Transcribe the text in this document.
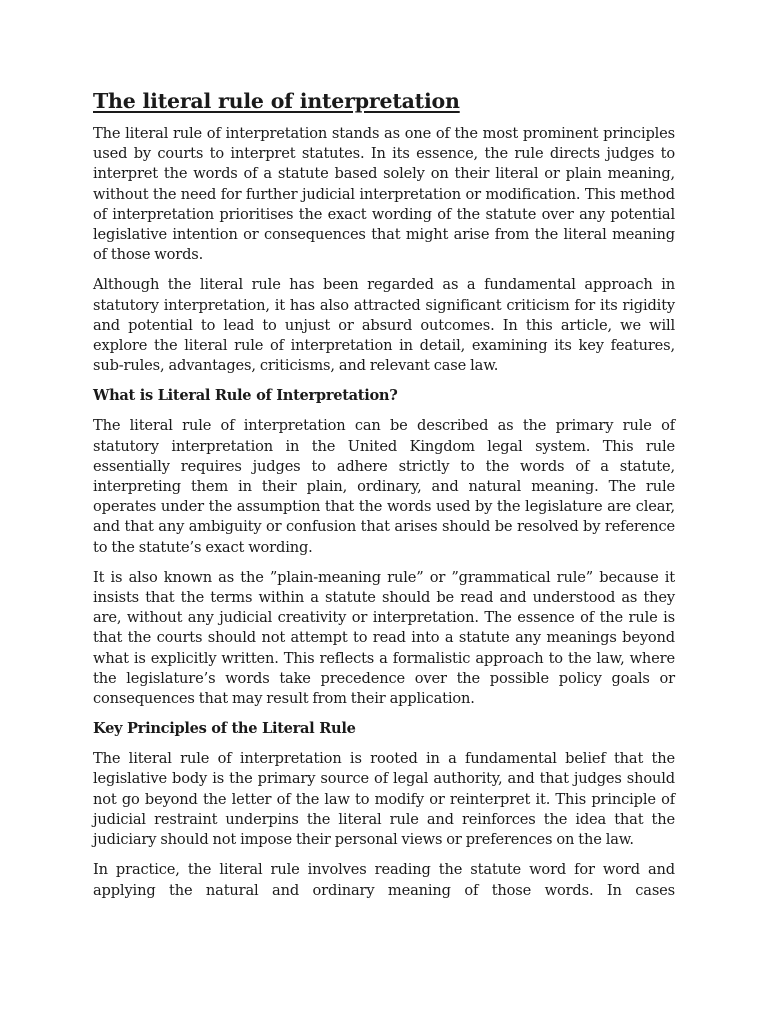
The literal rule of interpretation

The literal rule of interpretation stands as one of the most prominent principles used by courts to interpret statutes. In its essence, the rule directs judges to interpret the words of a statute based solely on their literal or plain meaning, without the need for further judicial interpretation or modification. This method of interpretation prioritises the exact wording of the statute over any potential legislative intention or consequences that might arise from the literal meaning of those words.

Although the literal rule has been regarded as a fundamental approach in statutory interpretation, it has also attracted significant criticism for its rigidity and potential to lead to unjust or absurd outcomes. In this article, we will explore the literal rule of interpretation in detail, examining its key features, sub-rules, advantages, criticisms, and relevant case law.

What is Literal Rule of Interpretation?

The literal rule of interpretation can be described as the primary rule of statutory interpretation in the United Kingdom legal system. This rule essentially requires judges to adhere strictly to the words of a statute, interpreting them in their plain, ordinary, and natural meaning. The rule operates under the assumption that the words used by the legislature are clear, and that any ambiguity or confusion that arises should be resolved by reference to the statute’s exact wording.

It is also known as the ”plain-meaning rule” or ”grammatical rule” because it insists that the terms within a statute should be read and understood as they are, without any judicial creativity or interpretation. The essence of the rule is that the courts should not attempt to read into a statute any meanings beyond what is explicitly written. This reflects a formalistic approach to the law, where the legislature’s words take precedence over the possible policy goals or consequences that may result from their application.

Key Principles of the Literal Rule

The literal rule of interpretation is rooted in a fundamental belief that the legislative body is the primary source of legal authority, and that judges should not go beyond the letter of the law to modify or reinterpret it. This principle of judicial restraint underpins the literal rule and reinforces the idea that the judiciary should not impose their personal views or preferences on the law.

In practice, the literal rule involves reading the statute word for word and applying the natural and ordinary meaning of those words. In cases
